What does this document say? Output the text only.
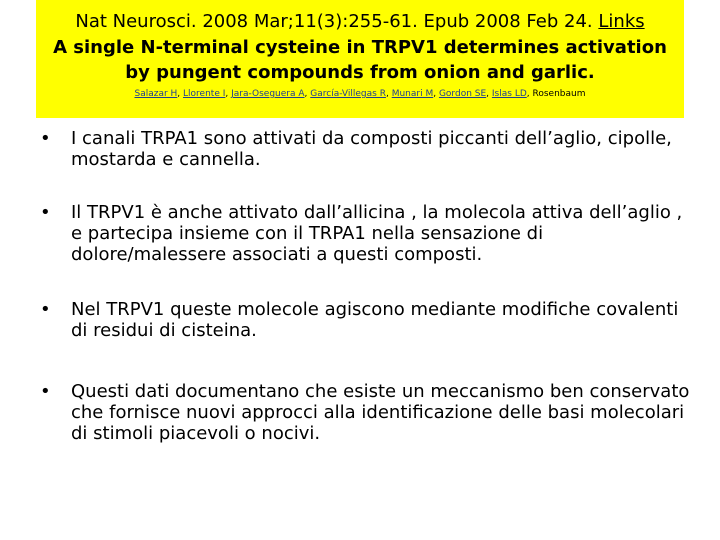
Nat Neurosci. 2008 Mar;11(3):255-61. Epub 2008 Feb 24. Links
A single N-terminal cysteine in TRPV1 determines activation by pungent compounds from onion and garlic.
Salazar H, Llorente I, Jara-Oseguera A, García-Villegas R, Munari M, Gordon SE, Islas LD, Rosenbaum
• I canali TRPA1 sono attivati da composti piccanti dell’aglio, cipolle, mostarda e cannella.
• Il TRPV1 è anche attivato dall’allicina , la molecola attiva dell’aglio , e partecipa insieme con il TRPA1 nella sensazione di dolore/malessere associati a questi composti.
• Nel TRPV1 queste molecole agiscono mediante modifiche covalenti di residui di cisteina.
• Questi dati documentano che esiste un meccanismo ben conservato che fornisce nuovi approcci alla identificazione delle basi molecolari di stimoli piacevoli o nocivi.
